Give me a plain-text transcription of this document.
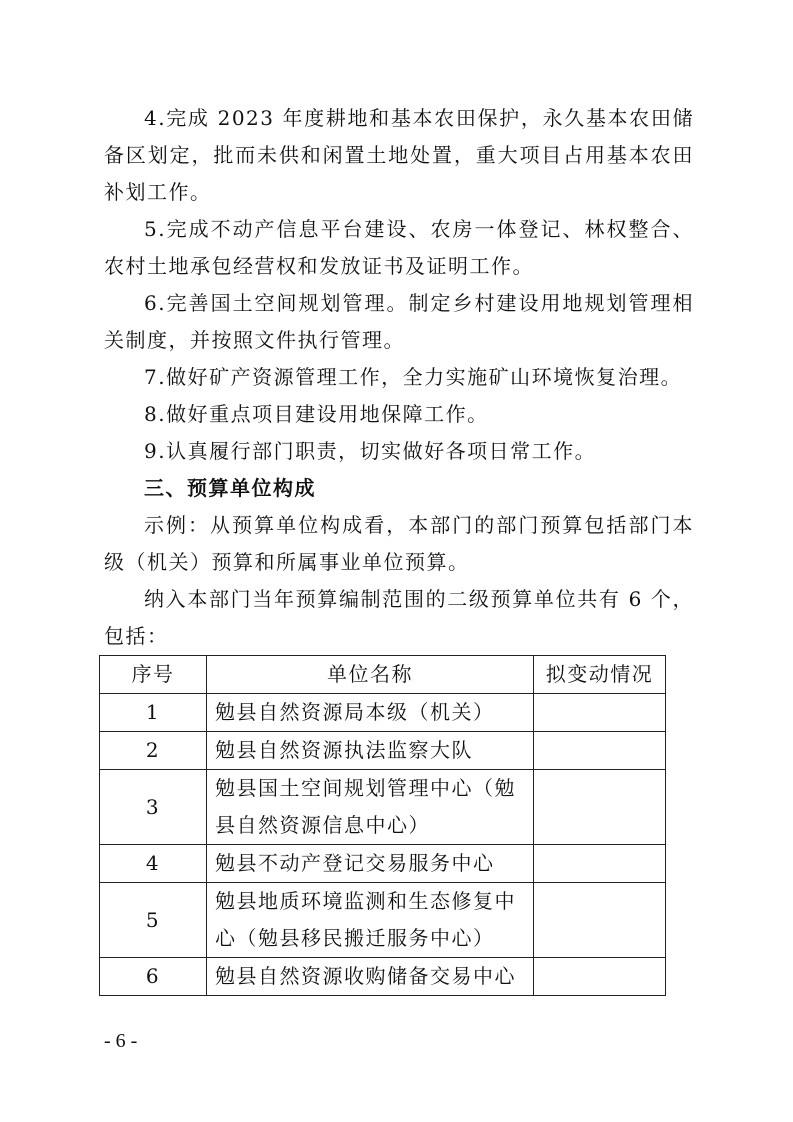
4.完成 2023 年度耕地和基本农田保护，永久基本农田储备区划定，批而未供和闲置土地处置，重大项目占用基本农田补划工作。

5.完成不动产信息平台建设、农房一体登记、林权整合、农村土地承包经营权和发放证书及证明工作。

6.完善国土空间规划管理。制定乡村建设用地规划管理相关制度，并按照文件执行管理。

7.做好矿产资源管理工作，全力实施矿山环境恢复治理。

8.做好重点项目建设用地保障工作。

9.认真履行部门职责，切实做好各项日常工作。

三、预算单位构成

示例：从预算单位构成看，本部门的部门预算包括部门本级（机关）预算和所属事业单位预算。

纳入本部门当年预算编制范围的二级预算单位共有 6 个，包括：

序号	单位名称	拟变动情况
1	勉县自然资源局本级（机关）	
2	勉县自然资源执法监察大队	
3	勉县国土空间规划管理中心（勉县自然资源信息中心）	
4	勉县不动产登记交易服务中心	
5	勉县地质环境监测和生态修复中心（勉县移民搬迁服务中心）	
6	勉县自然资源收购储备交易中心	
- 6 -
